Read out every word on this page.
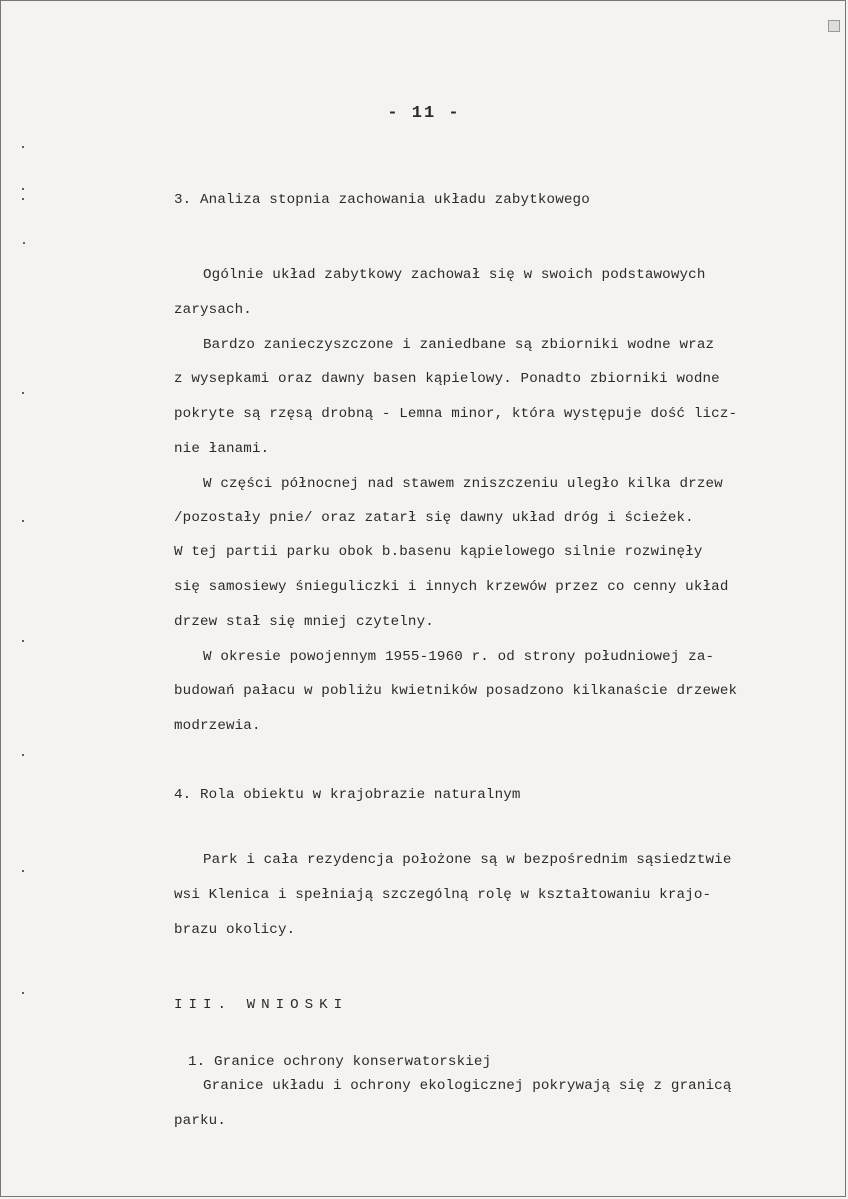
- 11 -
3. Analiza stopnia zachowania układu zabytkowego
Ogólnie układ zabytkowy zachował się w swoich podstawowych
zarysach.
Bardzo zanieczyszczone i zaniedbane są zbiorniki wodne wraz
z wysepkami oraz dawny basen kąpielowy. Ponadto zbiorniki wodne
pokryte są rzęsą drobną - Lemna minor, która występuje dość licz-
nie łanami.
W części północnej nad stawem zniszczeniu uległo kilka drzew
/pozostały pnie/ oraz zatarł się dawny układ dróg i ścieżek.
W tej partii parku obok b.basenu kąpielowego silnie rozwinęły
się samosiewy śnieguliczki i innych krzewów przez co cenny układ
drzew stał się mniej czytelny.
W okresie powojennym 1955-1960 r. od strony południowej za-
budowań pałacu w pobliżu kwietników posadzono kilkanaście drzewek
modrzewia.
4. Rola obiektu w krajobrazie naturalnym
Park i cała rezydencja położone są w bezpośrednim sąsiedztwie
wsi Klenica i spełniają szczególną rolę w kształtowaniu krajo-
brazu okolicy.
III. WNIOSKI
1. Granice ochrony konserwatorskiej
Granice układu i ochrony ekologicznej pokrywają się z granicą
parku.
